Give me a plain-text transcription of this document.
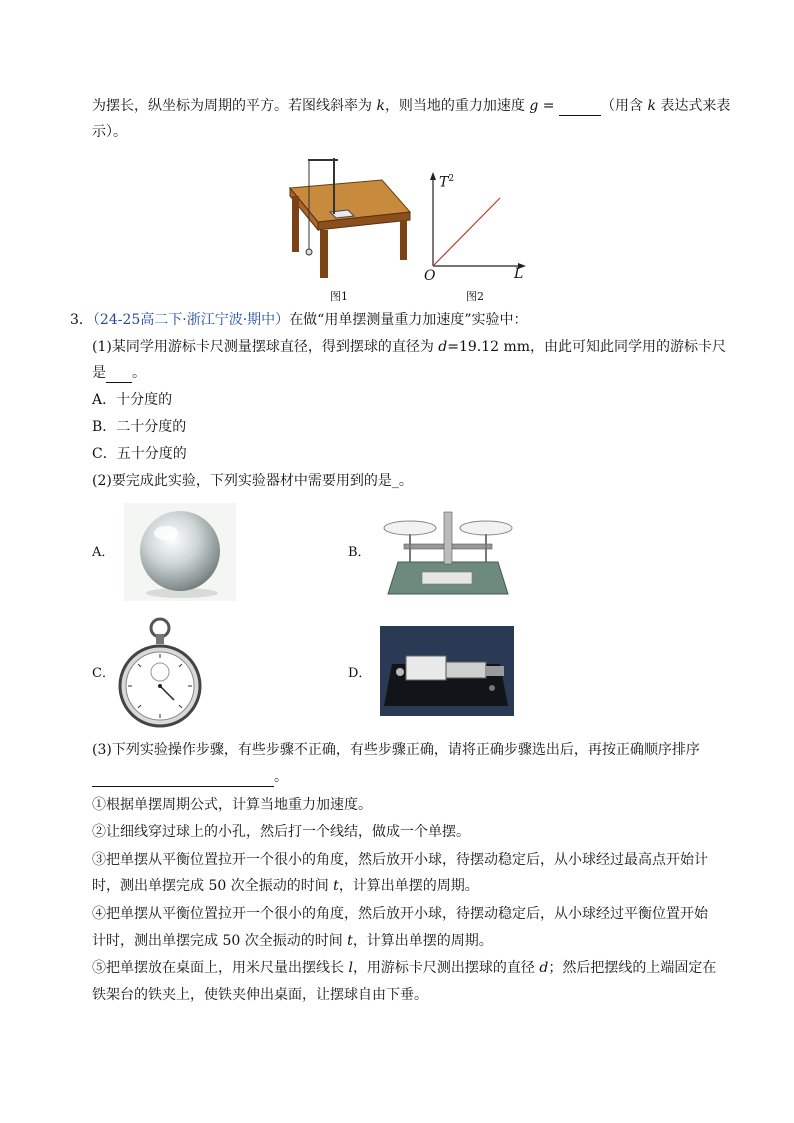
为摆长，纵坐标为周期的平方。若图线斜率为 k，则当地的重力加速度 g =	（用含 k 表达式来表
示）。
图1
$T^2$
L
O
图2
3．（24-25高二下·浙江宁波·期中）在做“用单摆测量重力加速度”实验中：
(1)某同学用游标卡尺测量摆球直径，得到摆球的直径为 d=19.12 mm，由此可知此同学用的游标卡尺
是 。
A．十分度的
B．二十分度的
C．五十分度的
(2)要完成此实验，下列实验器材中需要用到的是_。
A．	B．
C．	D．
(3)下列实验操作步骤，有些步骤不正确，有些步骤正确，请将正确步骤选出后，再按正确顺序排序
。
①根据单摆周期公式，计算当地重力加速度。
②让细线穿过球上的小孔，然后打一个线结，做成一个单摆。
③把单摆从平衡位置拉开一个很小的角度，然后放开小球，待摆动稳定后，从小球经过最高点开始计
时，测出单摆完成 50 次全振动的时间 t，计算出单摆的周期。
④把单摆从平衡位置拉开一个很小的角度，然后放开小球，待摆动稳定后，从小球经过平衡位置开始
计时，测出单摆完成 50 次全振动的时间 t，计算出单摆的周期。
⑤把单摆放在桌面上，用米尺量出摆线长 l，用游标卡尺测出摆球的直径 d；然后把摆线的上端固定在
铁架台的铁夹上，使铁夹伸出桌面，让摆球自由下垂。
